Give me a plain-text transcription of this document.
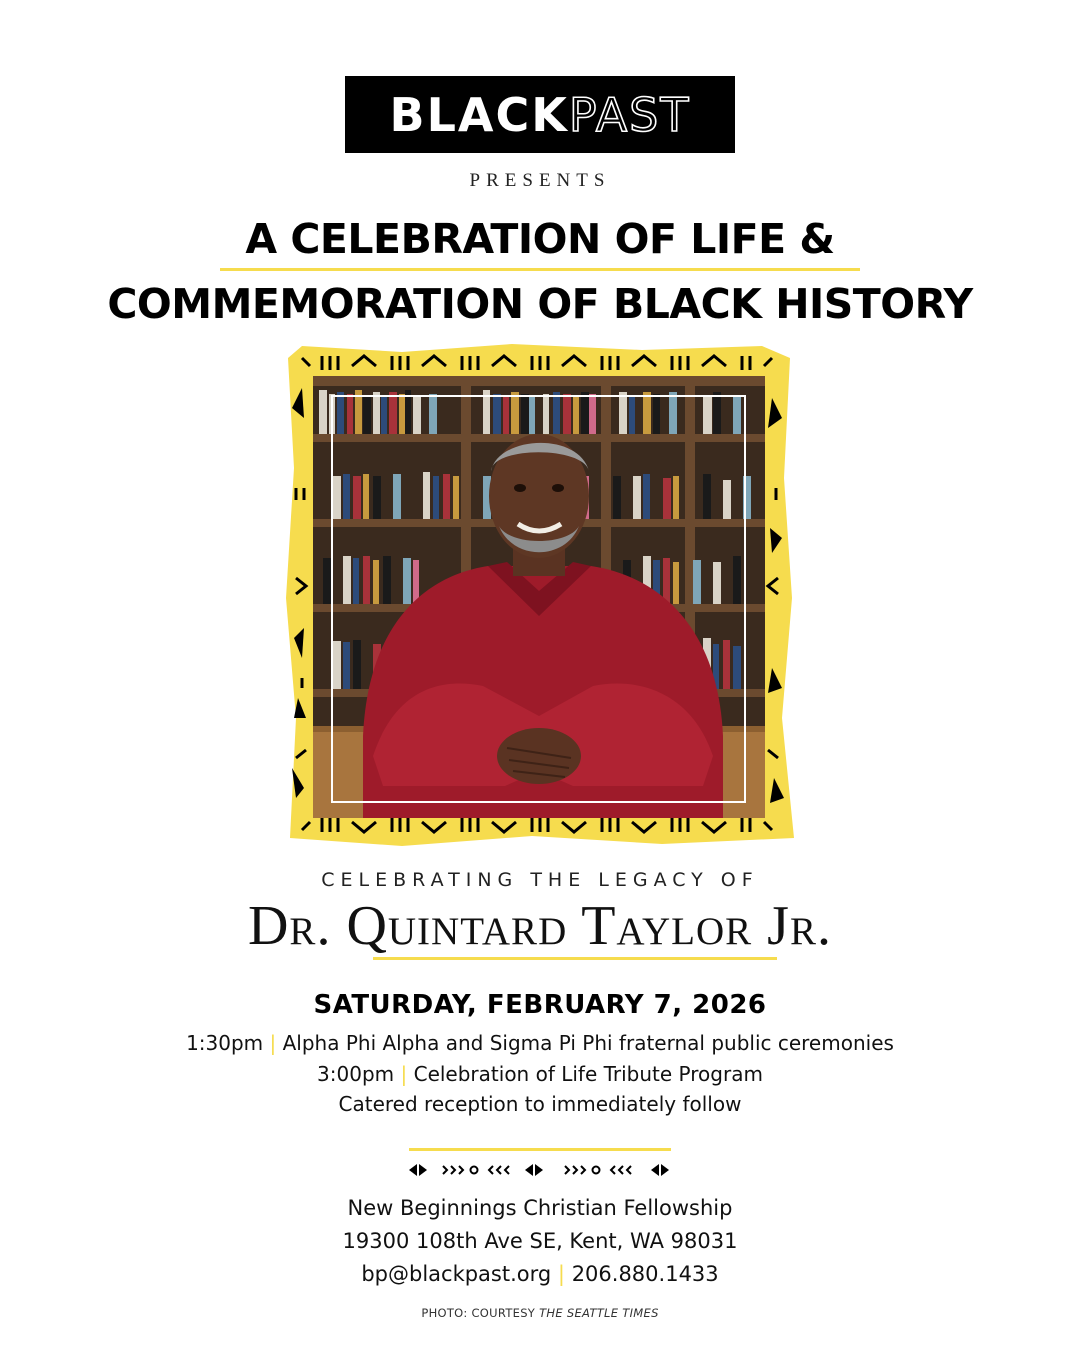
BLACK PAST
PRESENTS
A CELEBRATION OF LIFE &
COMMEMORATION OF BLACK HISTORY
CELEBRATING THE LEGACY OF
Dr. Quintard Taylor Jr.
SATURDAY, FEBRUARY 7, 2026
1:30pm | Alpha Phi Alpha and Sigma Pi Phi fraternal public ceremonies
3:00pm | Celebration of Life Tribute Program
Catered reception to immediately follow
New Beginnings Christian Fellowship
19300 108th Ave SE, Kent, WA 98031
bp@blackpast.org | 206.880.1433
PHOTO: COURTESY THE SEATTLE TIMES
